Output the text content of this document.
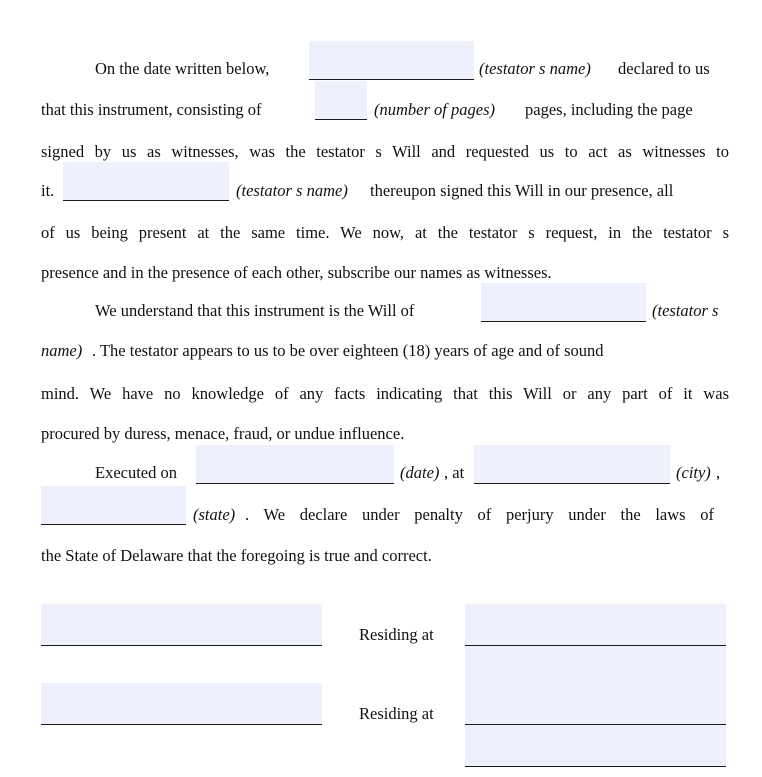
On the date written below,	(testator s name) declared to us
that this instrument, consisting of	(number of pages) pages, including the page
signed by us as witnesses, was the testator s Will and requested us to act as witnesses to
it.	(testator s name) thereupon signed this Will in our presence, all
of us being present at the same time. We now, at the testator s request, in the testator s
presence and in the presence of each other, subscribe our names as witnesses.
We understand that this instrument is the Will of	(testator s
name) . The testator appears to us to be over eighteen (18) years of age and of sound
mind. We have no knowledge of any facts indicating that this Will or any part of it was
procured by duress, menace, fraud, or undue influence.
Executed on	(date) , at	(city) ,
(state) . We declare under penalty of perjury under the laws of
the State of Delaware that the foregoing is true and correct.
Residing at
Residing at
